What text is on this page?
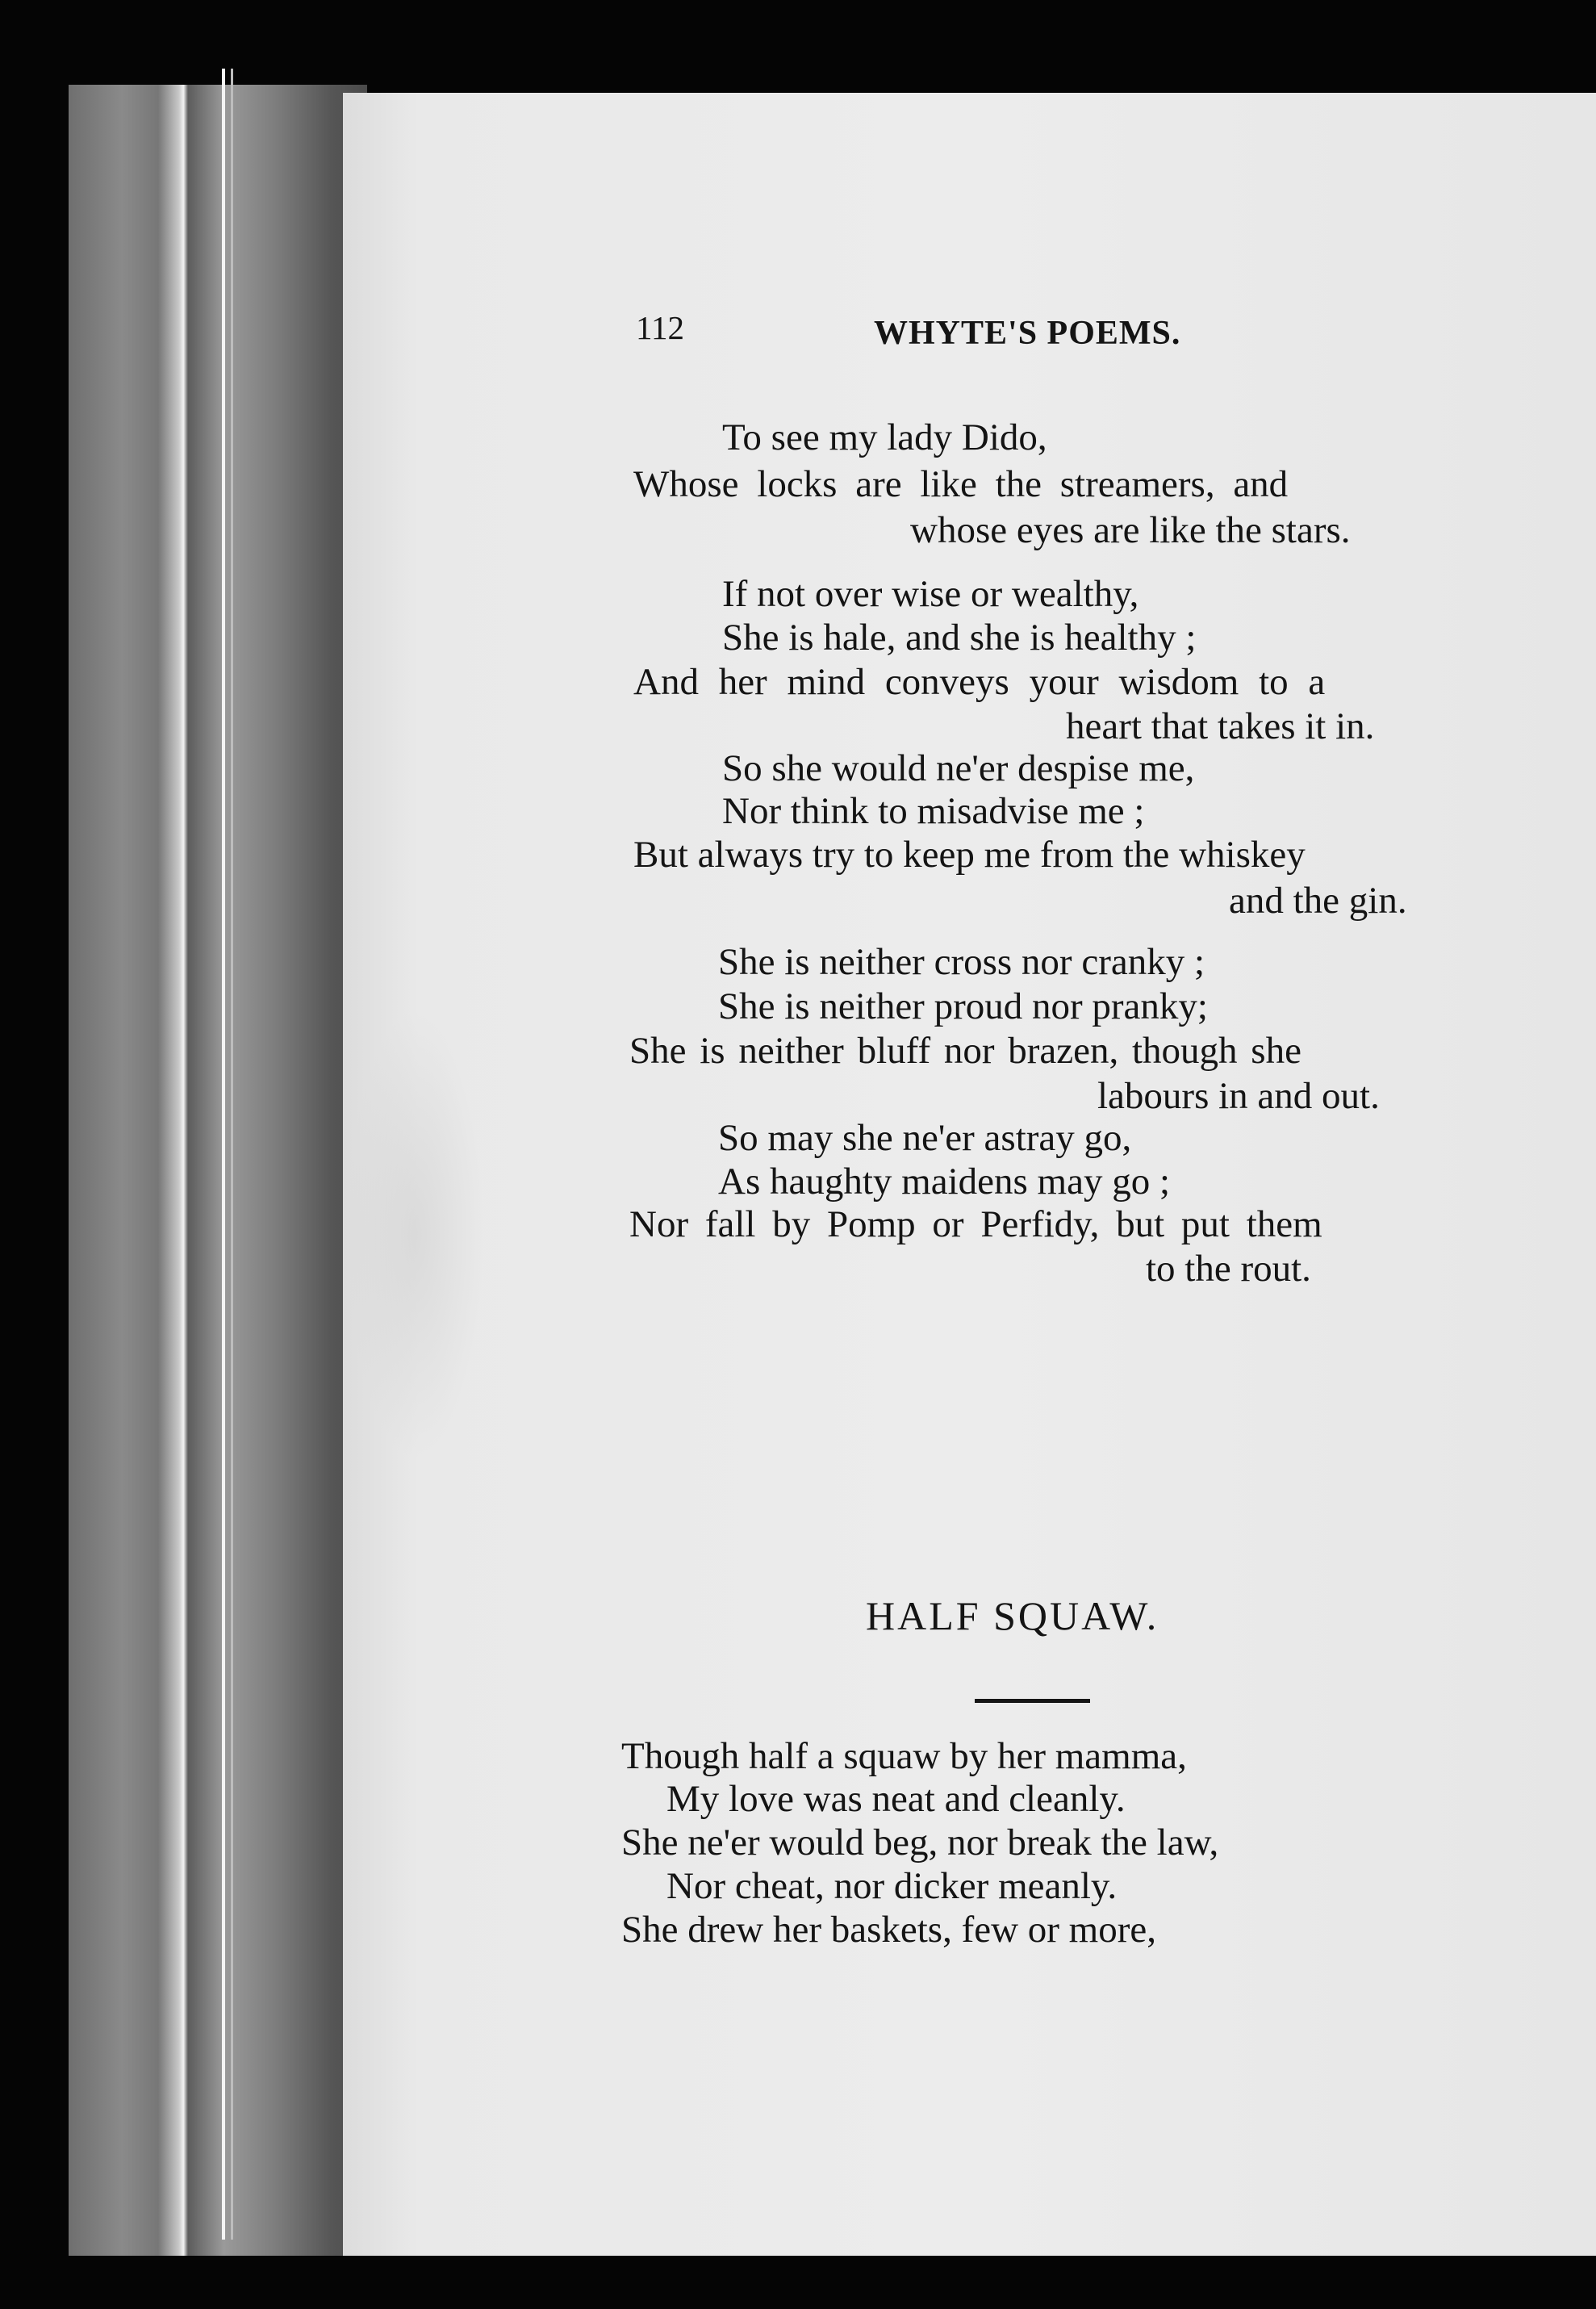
112	WHYTE'S POEMS.
To see my lady Dido,
Whose locks are like the streamers, and
whose eyes are like the stars.
If not over wise or wealthy,
She is hale, and she is healthy ;
And her mind conveys your wisdom to a
heart that takes it in.
So she would ne'er despise me,
Nor think to misadvise me ;
But always try to keep me from the whiskey
and the gin.
She is neither cross nor cranky ;
She is neither proud nor pranky;
She is neither bluff nor brazen, though she
labours in and out.
So may she ne'er astray go,
As haughty maidens may go ;
Nor fall by Pomp or Perfidy, but put them
to the rout.
HALF SQUAW.
Though half a squaw by her mamma,
My love was neat and cleanly.
She ne'er would beg, nor break the law,
Nor cheat, nor dicker meanly.
She drew her baskets, few or more,
